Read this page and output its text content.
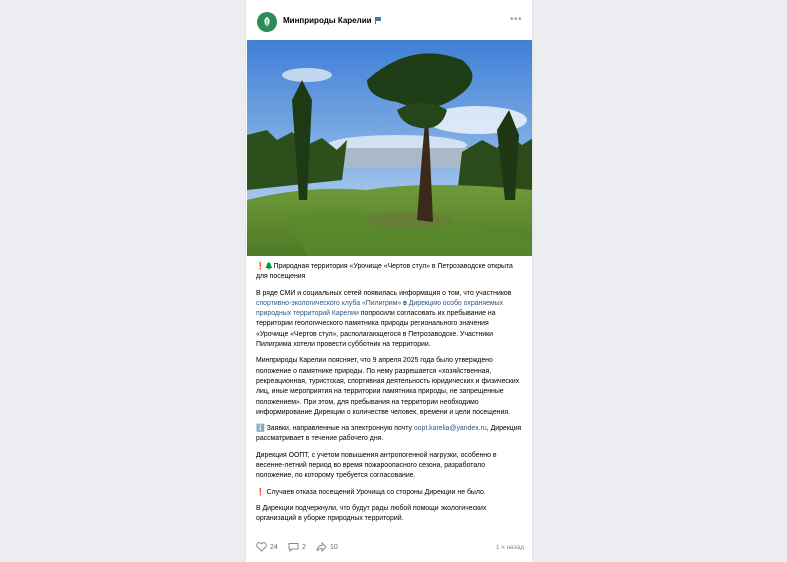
Минприроды Карелии	•••

❗🌲Природная территория «Урочище «Чертов стул» в Петрозаводске открыта для посещения

В ряде СМИ и социальных сетей появилась информация о том, что участников спортивно-экологического клуба «Пилигрим» в Дирекцию особо охраняемых природных территорий Карелии попросили согласовать их пребывание на территории геологического памятника природы регионального значения «Урочище «Чертов стул», располагающегося в Петрозаводске. Участники Пилигрима хотели провести субботник на территории.

Минприроды Карелии поясняет, что 9 апреля 2025 года было утверждено положение о памятнике природы. По нему разрешается «хозяйственная, рекреационная, туристская, спортивная деятельность юридических и физических лиц, иные мероприятия на территории памятника природы, не запрещенные положением». При этом, для пребывания на территории необходимо информирование Дирекции о количестве человек, времени и цели посещения.

ℹ️ Заявки, направленные на электронную почту oopt.karelia@yandex.ru, Дирекция рассматривает в течение рабочего дня.

Дирекция ООПТ, с учетом повышения антропогенной нагрузки, особенно в весенне-летний период во время пожароопасного сезона, разработало положение, по которому требуется согласование.

❗ Случаев отказа посещений Урочища со стороны Дирекции не было.

В Дирекции подчеркнули, что будут рады любой помощи экологических организаций в уборке природных территорий.

24	2	10	1 ч назад
